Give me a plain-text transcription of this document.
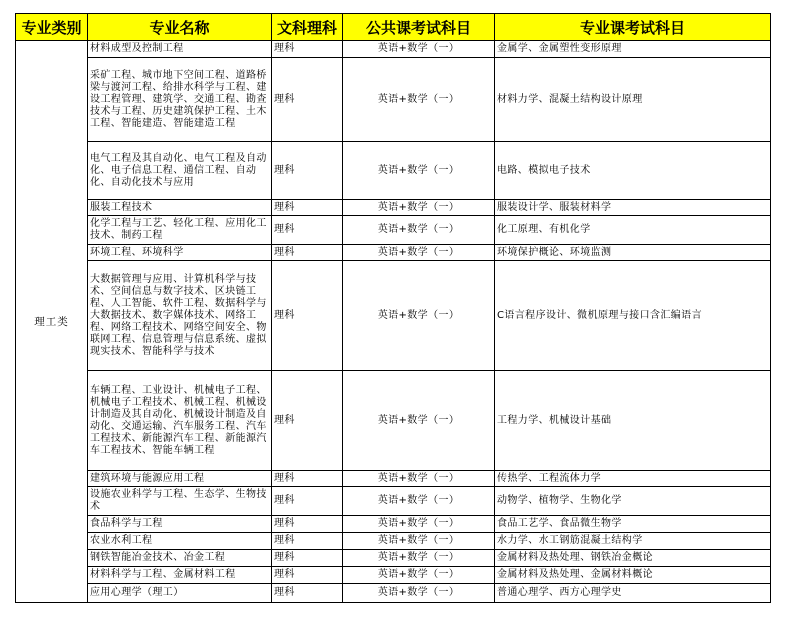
专业类别	专业名称	文科理科	公共课考试科目	专业课考试科目
理工类	材料成型及控制工程	理科	英语+数学（一）	金属学、金属塑性变形原理
	采矿工程、城市地下空间工程、道路桥梁与渡河工程、给排水科学与工程、建设工程管理、建筑学、交通工程、勘查技术与工程、历史建筑保护工程、土木工程、智能建造、智能建造工程	理科	英语+数学（一）	材料力学、混凝土结构设计原理
	电气工程及其自动化、电气工程及自动化、电子信息工程、通信工程、自动化、自动化技术与应用	理科	英语+数学（一）	电路、模拟电子技术
	服装工程技术	理科	英语+数学（一）	服装设计学、服装材料学
	化学工程与工艺、轻化工程、应用化工技术、制药工程	理科	英语+数学（一）	化工原理、有机化学
	环境工程、环境科学	理科	英语+数学（一）	环境保护概论、环境监测
	大数据管理与应用、计算机科学与技术、空间信息与数字技术、区块链工程、人工智能、软件工程、数据科学与大数据技术、数字媒体技术、网络工程、网络工程技术、网络空间安全、物联网工程、信息管理与信息系统、虚拟现实技术、智能科学与技术	理科	英语+数学（一）	C语言程序设计、微机原理与接口含汇编语言
	车辆工程、工业设计、机械电子工程、机械电子工程技术、机械工程、机械设计制造及其自动化、机械设计制造及自动化、交通运输、汽车服务工程、汽车工程技术、新能源汽车工程、新能源汽车工程技术、智能车辆工程	理科	英语+数学（一）	工程力学、机械设计基础
	建筑环境与能源应用工程	理科	英语+数学（一）	传热学、工程流体力学
	设施农业科学与工程、生态学、生物技术	理科	英语+数学（一）	动物学、植物学、生物化学
	食品科学与工程	理科	英语+数学（一）	食品工艺学、食品微生物学
	农业水利工程	理科	英语+数学（一）	水力学、水工钢筋混凝土结构学
	钢铁智能冶金技术、冶金工程	理科	英语+数学（一）	金属材料及热处理、钢铁冶金概论
	材料科学与工程、金属材料工程	理科	英语+数学（一）	金属材料及热处理、金属材料概论
	应用心理学（理工）	理科	英语+数学（一）	普通心理学、西方心理学史
